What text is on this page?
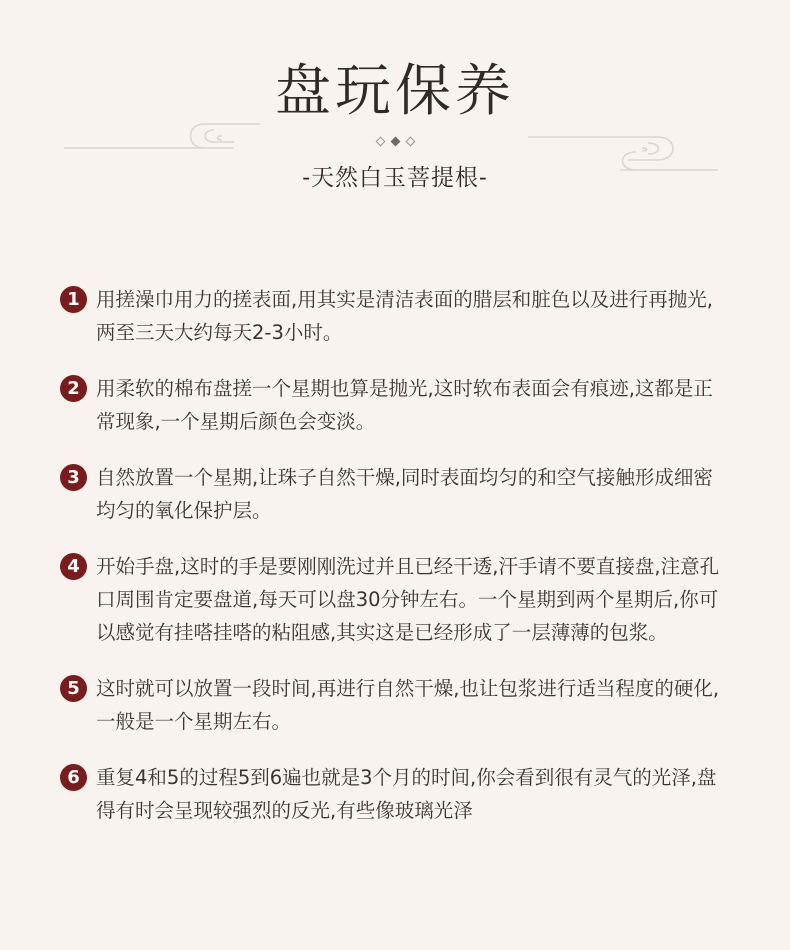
盘玩保养
-天然白玉菩提根-
1 用搓澡巾用力的搓表面,用其实是清洁表面的腊层和脏色以及进行再抛光,两至三天大约每天2-3小时。
2 用柔软的棉布盘搓一个星期也算是抛光,这时软布表面会有痕迹,这都是正常现象,一个星期后颜色会变淡。
3 自然放置一个星期,让珠子自然干燥,同时表面均匀的和空气接触形成细密均匀的氧化保护层。
4 开始手盘,这时的手是要刚刚洗过并且已经干透,汗手请不要直接盘,注意孔口周围肯定要盘道,每天可以盘30分钟左右。一个星期到两个星期后,你可以感觉有挂嗒挂嗒的粘阻感,其实这是已经形成了一层薄薄的包浆。
5 这时就可以放置一段时间,再进行自然干燥,也让包浆进行适当程度的硬化,一般是一个星期左右。
6 重复4和5的过程5到6遍也就是3个月的时间,你会看到很有灵气的光泽,盘得有时会呈现较强烈的反光,有些像玻璃光泽
